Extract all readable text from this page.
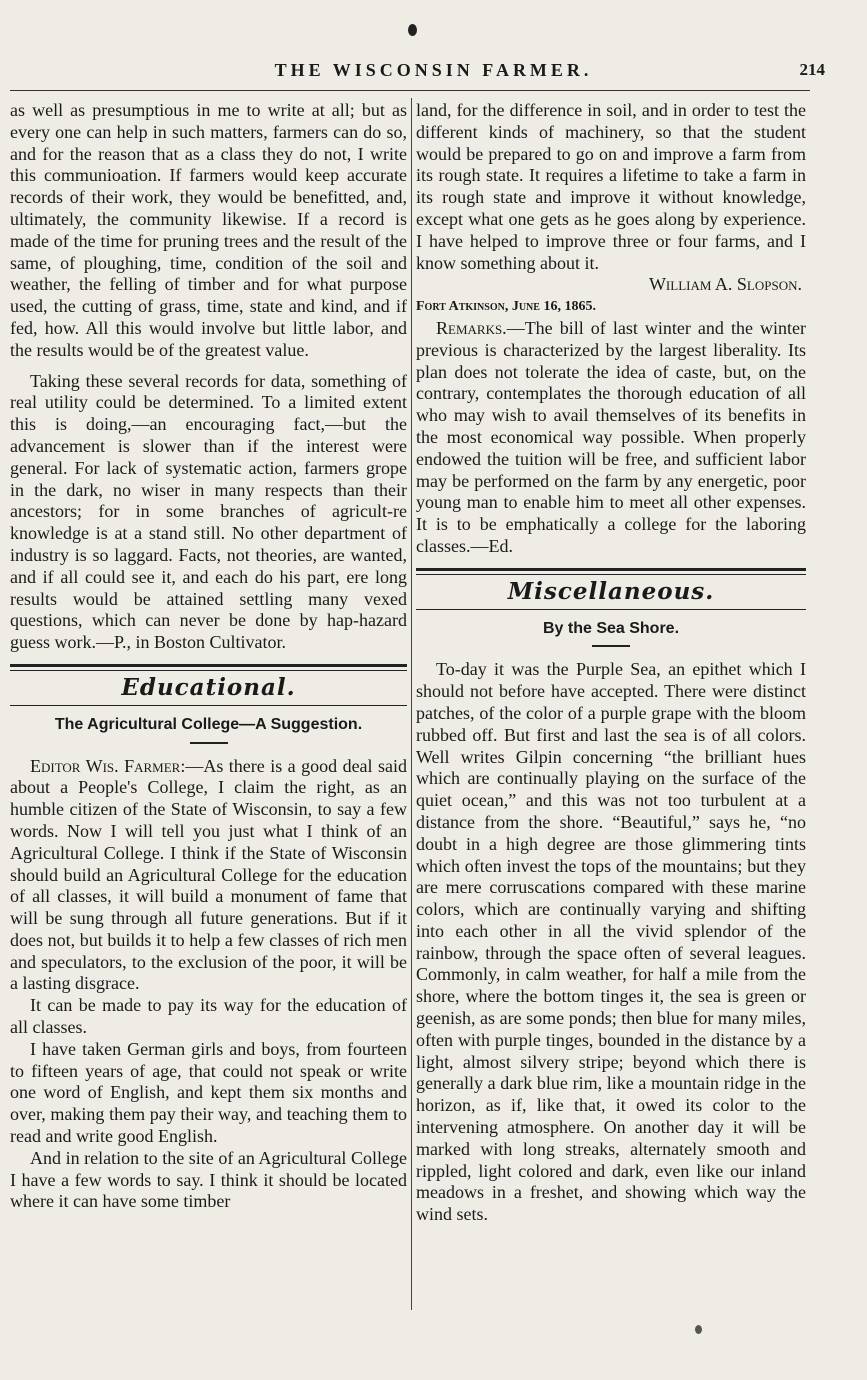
THE WISCONSIN FARMER.	214

as well as presumptious in me to write at all; but as every one can help in such matters, farmers can do so, and for the reason that as a class they do not, I write this communioation. If farmers would keep accurate records of their work, they would be benefitted, and, ultimately, the community likewise. If a record is made of the time for pruning trees and the result of the same, of ploughing, time, condition of the soil and weather, the felling of timber and for what purpose used, the cutting of grass, time, state and kind, and if fed, how. All this would involve but little labor, and the results would be of the greatest value.

Taking these several records for data, something of real utility could be determined. To a limited extent this is doing,—an encouraging fact,—but the advancement is slower than if the interest were general. For lack of systematic action, farmers grope in the dark, no wiser in many respects than their ancestors; for in some branches of agricult-re knowledge is at a stand still. No other department of industry is so laggard. Facts, not theories, are wanted, and if all could see it, and each do his part, ere long results would be attained settling many vexed questions, which can never be done by hap-hazard guess work.—P., in Boston Cultivator.

Educational.
The Agricultural College—A Suggestion.

Editor Wis. Farmer:—As there is a good deal said about a People's College, I claim the right, as an humble citizen of the State of Wisconsin, to say a few words. Now I will tell you just what I think of an Agricultural College. I think if the State of Wisconsin should build an Agricultural College for the education of all classes, it will build a monument of fame that will be sung through all future generations. But if it does not, but builds it to help a few classes of rich men and speculators, to the exclusion of the poor, it will be a lasting disgrace.

It can be made to pay its way for the education of all classes.

I have taken German girls and boys, from fourteen to fifteen years of age, that could not speak or write one word of English, and kept them six months and over, making them pay their way, and teaching them to read and write good English.

And in relation to the site of an Agricultural College I have a few words to say. I think it should be located where it can have some timber

land, for the difference in soil, and in order to test the different kinds of machinery, so that the student would be prepared to go on and improve a farm from its rough state. It requires a lifetime to take a farm in its rough state and improve it without knowledge, except what one gets as he goes along by experience. I have helped to improve three or four farms, and I know something about it.

William A. Slopson.
Fort Atkinson, June 16, 1865.

Remarks.—The bill of last winter and the winter previous is characterized by the largest liberality. Its plan does not tolerate the idea of caste, but, on the contrary, contemplates the thorough education of all who may wish to avail themselves of its benefits in the most economical way possible. When properly endowed the tuition will be free, and sufficient labor may be performed on the farm by any energetic, poor young man to enable him to meet all other expenses. It is to be emphatically a college for the laboring classes.—Ed.

Miscellaneous.
By the Sea Shore.

To-day it was the Purple Sea, an epithet which I should not before have accepted. There were distinct patches, of the color of a purple grape with the bloom rubbed off. But first and last the sea is of all colors. Well writes Gilpin concerning “the brilliant hues which are continually playing on the surface of the quiet ocean,” and this was not too turbulent at a distance from the shore. “Beautiful,” says he, “no doubt in a high degree are those glimmering tints which often invest the tops of the mountains; but they are mere corruscations compared with these marine colors, which are continually varying and shifting into each other in all the vivid splendor of the rainbow, through the space often of several leagues. Commonly, in calm weather, for half a mile from the shore, where the bottom tinges it, the sea is green or geenish, as are some ponds; then blue for many miles, often with purple tinges, bounded in the distance by a light, almost silvery stripe; beyond which there is generally a dark blue rim, like a mountain ridge in the horizon, as if, like that, it owed its color to the intervening atmosphere. On another day it will be marked with long streaks, alternately smooth and rippled, light colored and dark, even like our inland meadows in a freshet, and showing which way the wind sets.
